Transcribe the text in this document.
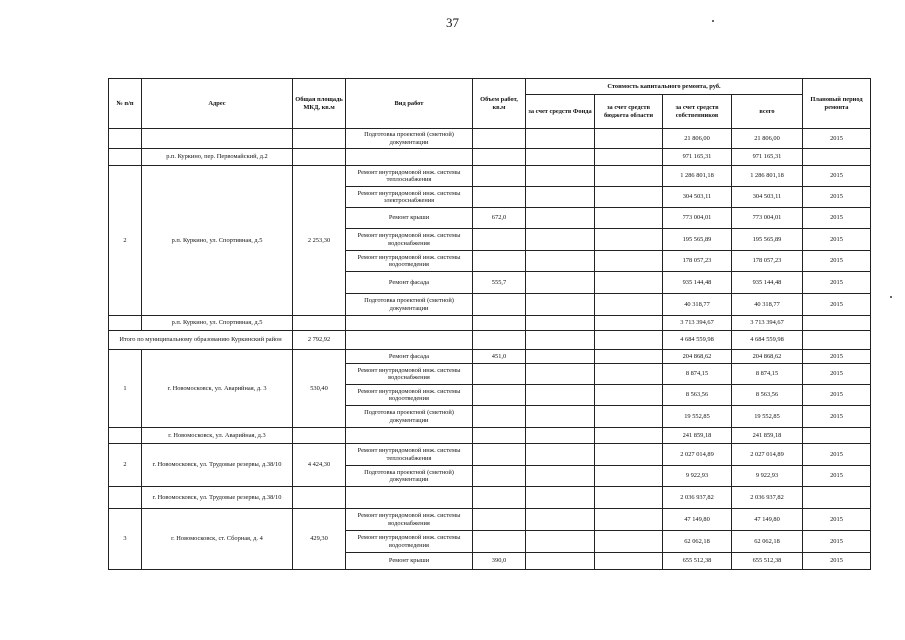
37
№ п/п	Адрес	Общая площадь МКД, кв.м	Вид работ	Объем работ, кв.м	Стоимость капитального ремонта, руб.				Плановый период ремонта
					за счет средств Фонда	за счет средств бюджета области	за счет средств собственников	всего	
			Подготовка проектной (сметной) документации				21 806,00	21 806,00	2015
	р.п. Куркино, пер. Первомайский, д.2						971 165,31	971 165,31	
2	р.п. Куркино, ул. Спортивная, д.5	2 253,30	Ремонт внутридомовой инж. системы теплоснабжения				1 286 801,18	1 286 801,18	2015
			Ремонт внутридомовой инж. системы электроснабжения				304 503,11	304 503,11	2015
			Ремонт крыши	672,0			773 004,01	773 004,01	2015
			Ремонт внутридомовой инж. системы водоснабжения				195 565,89	195 565,89	2015
			Ремонт внутридомовой инж. системы водоотведения				178 057,23	178 057,23	2015
			Ремонт фасада	555,7			935 144,48	935 144,48	2015
			Подготовка проектной (сметной) документации				40 318,77	40 318,77	2015
	р.п. Куркино, ул. Спортивная, д.5						3 713 394,67	3 713 394,67	
Итого по муниципальному образованию Куркинский район		2 792,92					4 684 559,98	4 684 559,98	
1	г. Новомосковск, ул. Аварийная, д. 3	530,40	Ремонт фасада	451,0			204 868,62	204 868,62	2015
			Ремонт внутридомовой инж. системы водоснабжения				8 874,15	8 874,15	2015
			Ремонт внутридомовой инж. системы водоотведения				8 563,56	8 563,56	2015
			Подготовка проектной (сметной) документации				19 552,85	19 552,85	2015
	г. Новомосковск, ул. Аварийная, д.3						241 859,18	241 859,18	
2	г. Новомосковск, ул. Трудовые резервы, д.38/10	4 424,30	Ремонт внутридомовой инж. системы теплоснабжения				2 027 014,89	2 027 014,89	2015
			Подготовка проектной (сметной) документации				9 922,93	9 922,93	2015
	г. Новомосковск, ул. Трудовые резервы, д.38/10						2 036 937,82	2 036 937,82	
3	г. Новомосковск, ст. Сборная, д. 4	429,30	Ремонт внутридомовой инж. системы водоснабжения				47 149,80	47 149,80	2015
			Ремонт внутридомовой инж. системы водоотведения				62 062,18	62 062,18	2015
			Ремонт крыши	390,0			655 512,38	655 512,38	2015
